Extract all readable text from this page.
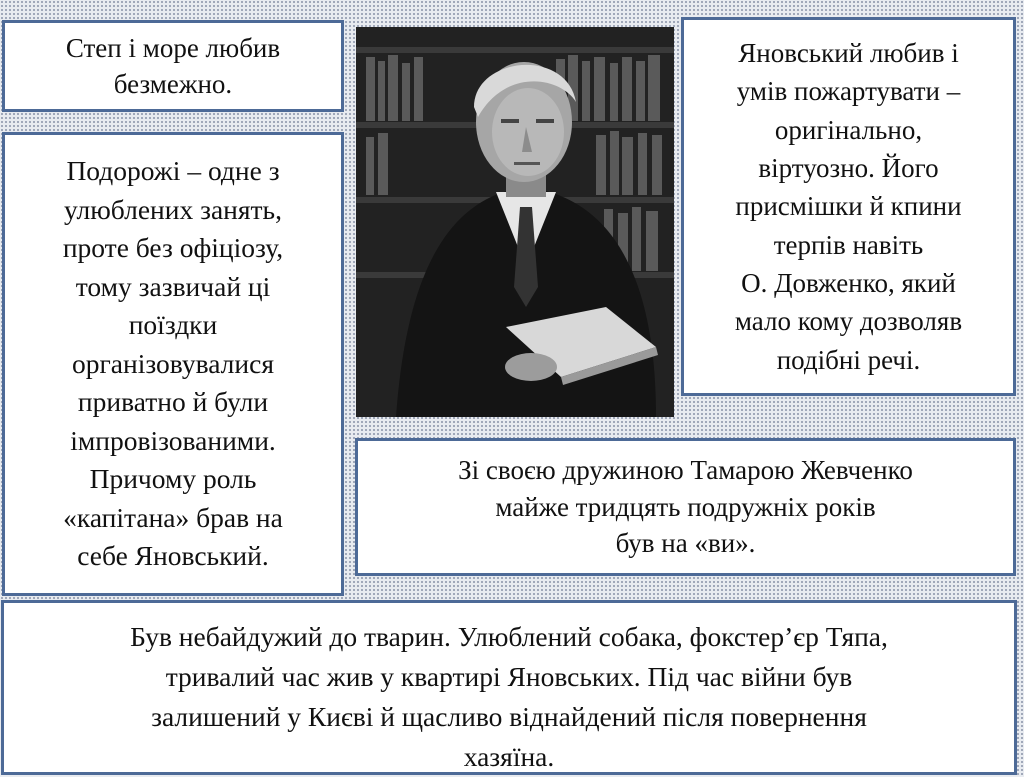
Степ і море любив
безмежно.
Подорожі – одне з
улюблених занять,
проте без офіціозу,
тому зазвичай ці
поїздки
організовувалися
приватно й були
імпровізованими.
Причому роль
«капітана» брав на
себе Яновський.
Яновський любив і
умів пожартувати –
оригінально,
віртуозно. Його
присмішки й кпини
терпів навіть
О. Довженко, який
мало кому дозволяв
подібні речі.
Зі своєю дружиною Тамарою Жевченко
майже тридцять подружніх років
був на «ви».
Був небайдужий до тварин. Улюблений собака, фокстер’єр Тяпа,
тривалий час жив у квартирі Яновських. Під час війни був
залишений у Києві й щасливо віднайдений після повернення
хазяїна.
